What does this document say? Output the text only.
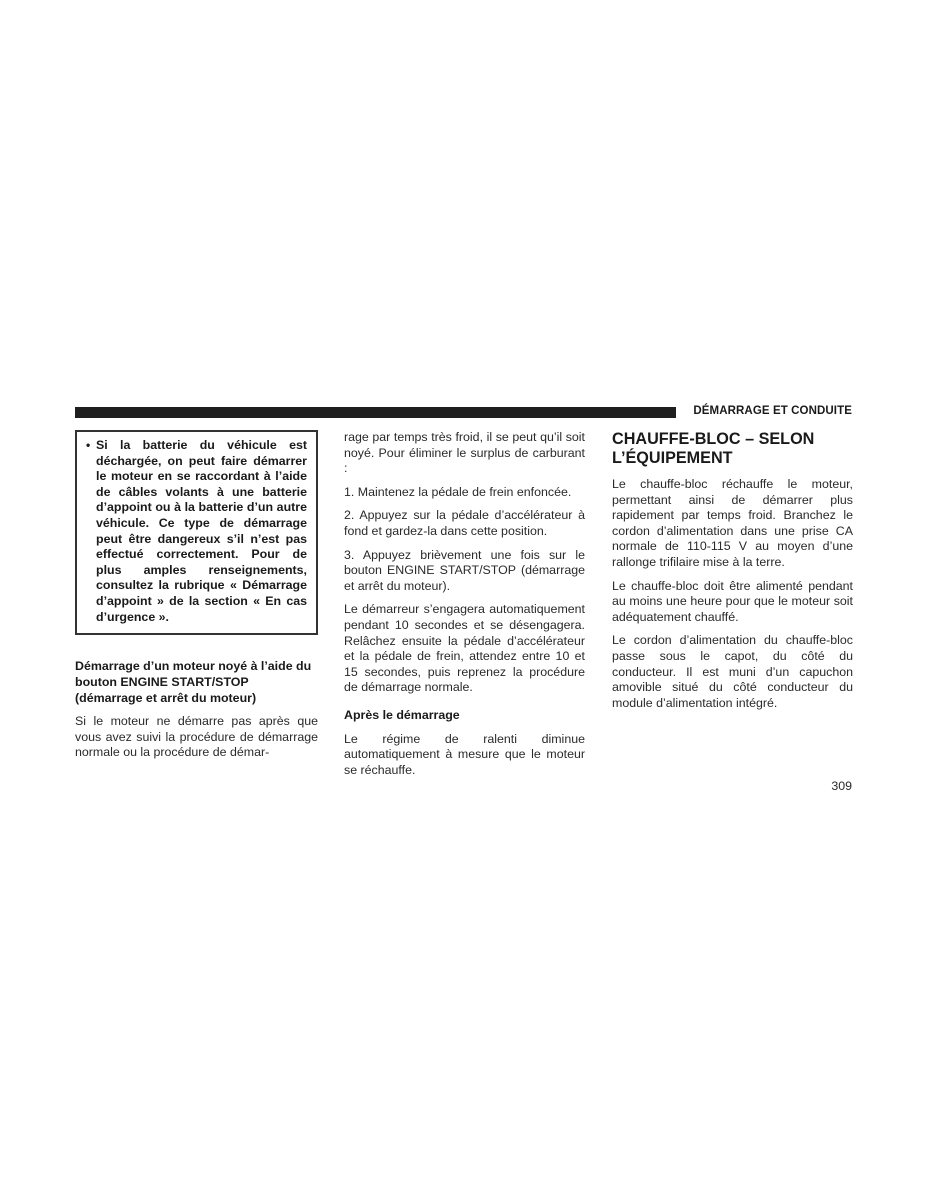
DÉMARRAGE ET CONDUITE
• Si la batterie du véhicule est déchargée, on peut faire démarrer le moteur en se raccordant à l’aide de câbles volants à une batterie d’appoint ou à la batterie d’un autre véhicule. Ce type de démarrage peut être dangereux s’il n’est pas effectué correctement. Pour de plus amples renseignements, consultez la rubrique « Démarrage d’appoint » de la section « En cas d’urgence ».

Démarrage d’un moteur noyé à l’aide du bouton ENGINE START/STOP (démarrage et arrêt du moteur)

Si le moteur ne démarre pas après que vous avez suivi la procédure de démarrage normale ou la procédure de démar-

rage par temps très froid, il se peut qu’il soit noyé. Pour éliminer le surplus de carburant :

1. Maintenez la pédale de frein enfoncée.

2. Appuyez sur la pédale d’accélérateur à fond et gardez-la dans cette position.

3. Appuyez brièvement une fois sur le bouton ENGINE START/STOP (démarrage et arrêt du moteur).

Le démarreur s’engagera automatiquement pendant 10 secondes et se désengagera. Relâchez ensuite la pédale d’accélérateur et la pédale de frein, attendez entre 10 et 15 secondes, puis reprenez la procédure de démarrage normale.

Après le démarrage

Le régime de ralenti diminue automatiquement à mesure que le moteur se réchauffe.

CHAUFFE-BLOC – SELON L’ÉQUIPEMENT

Le chauffe-bloc réchauffe le moteur, permettant ainsi de démarrer plus rapidement par temps froid. Branchez le cordon d’alimentation dans une prise CA normale de 110-115 V au moyen d’une rallonge trifilaire mise à la terre.

Le chauffe-bloc doit être alimenté pendant au moins une heure pour que le moteur soit adéquatement chauffé.

Le cordon d’alimentation du chauffe-bloc passe sous le capot, du côté du conducteur. Il est muni d’un capuchon amovible situé du côté conducteur du module d’alimentation intégré.

309
